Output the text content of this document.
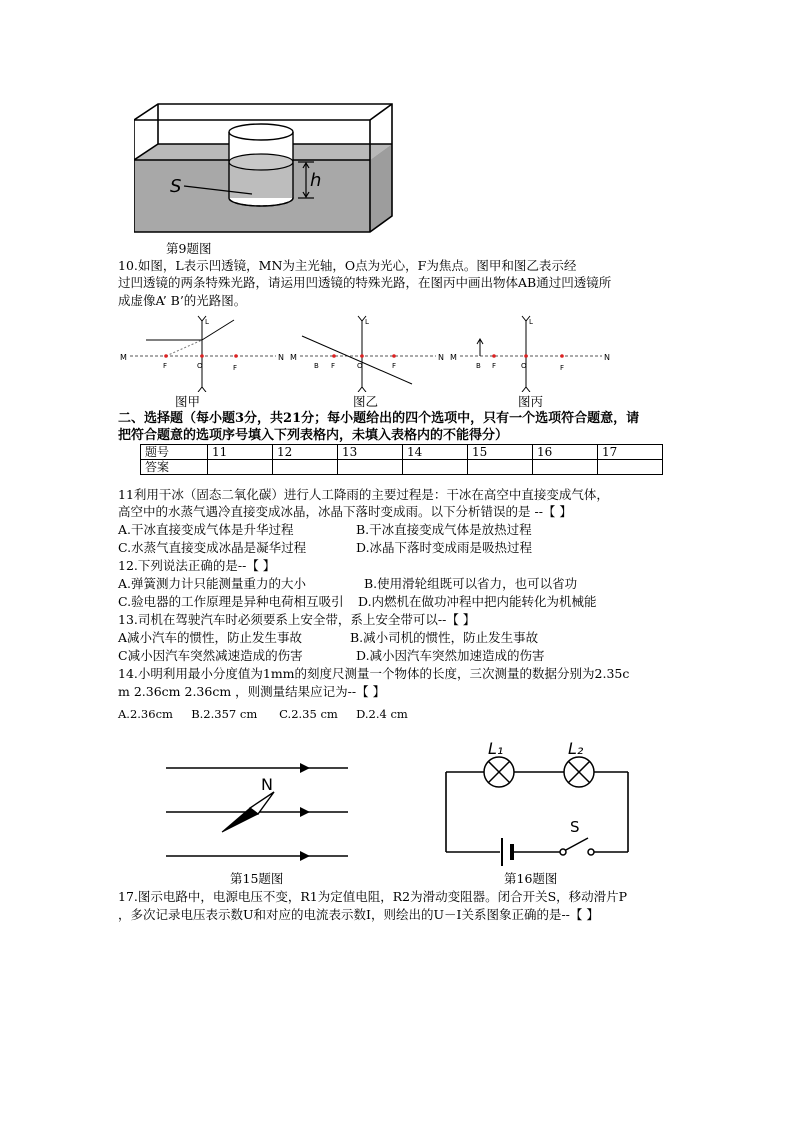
h
S
第9题图
10.如图，L表示凹透镜，MN为主光轴，O点为光心，F为焦点。图甲和图乙表示经
过凹透镜的两条特殊光路，请运用凹透镜的特殊光路，在图丙中画出物体AB通过凹透镜所
成虚像A’ B’的光路图。
M	N
L
F	O	F
图甲
M	N
L
B F	O	F
图乙
M	N
L
B F	O	F
图丙
二、选择题（每小题3分，共21分；每小题给出的四个选项中，只有一个选项符合题意，请
把符合题意的选项序号填入下列表格内，未填入表格内的不能得分）
题号	11	12	13	14	15	16	17
答案							
11利用干冰（固态二氧化碳）进行人工降雨的主要过程是：干冰在高空中直接变成气体，
高空中的水蒸气遇冷直接变成冰晶，冰晶下落时变成雨。以下分析错误的是 --【 】
A.干冰直接变成气体是升华过程	B.干冰直接变成气体是放热过程
C.水蒸气直接变成冰晶是凝华过程	D.冰晶下落时变成雨是吸热过程
12.下列说法正确的是--【 】
A.弹簧测力计只能测量重力的大小	B.使用滑轮组既可以省力，也可以省功
C.验电器的工作原理是异种电荷相互吸引 D.内燃机在做功冲程中把内能转化为机械能
13.司机在驾驶汽车时必须要系上安全带，系上安全带可以--【 】
A减小汽车的惯性，防止发生事故	B.减小司机的惯性，防止发生事故
C减小因汽车突然减速造成的伤害	D.减小因汽车突然加速造成的伤害
14.小明利用最小分度值为1mm的刻度尺测量一个物体的长度，三次测量的数据分别为2.35c
m 2.36cm 2.36cm ，则测量结果应记为--【 】
A.2.36cm     B.2.357 cm      C.2.35 cm     D.2.4 cm
N
第15题图
L₁	L₂
S
第16题图
17.图示电路中，电源电压不变，R1为定值电阻，R2为滑动变阻器。闭合开关S，移动滑片P
，多次记录电压表示数U和对应的电流表示数I，则绘出的U－I关系图象正确的是--【 】
